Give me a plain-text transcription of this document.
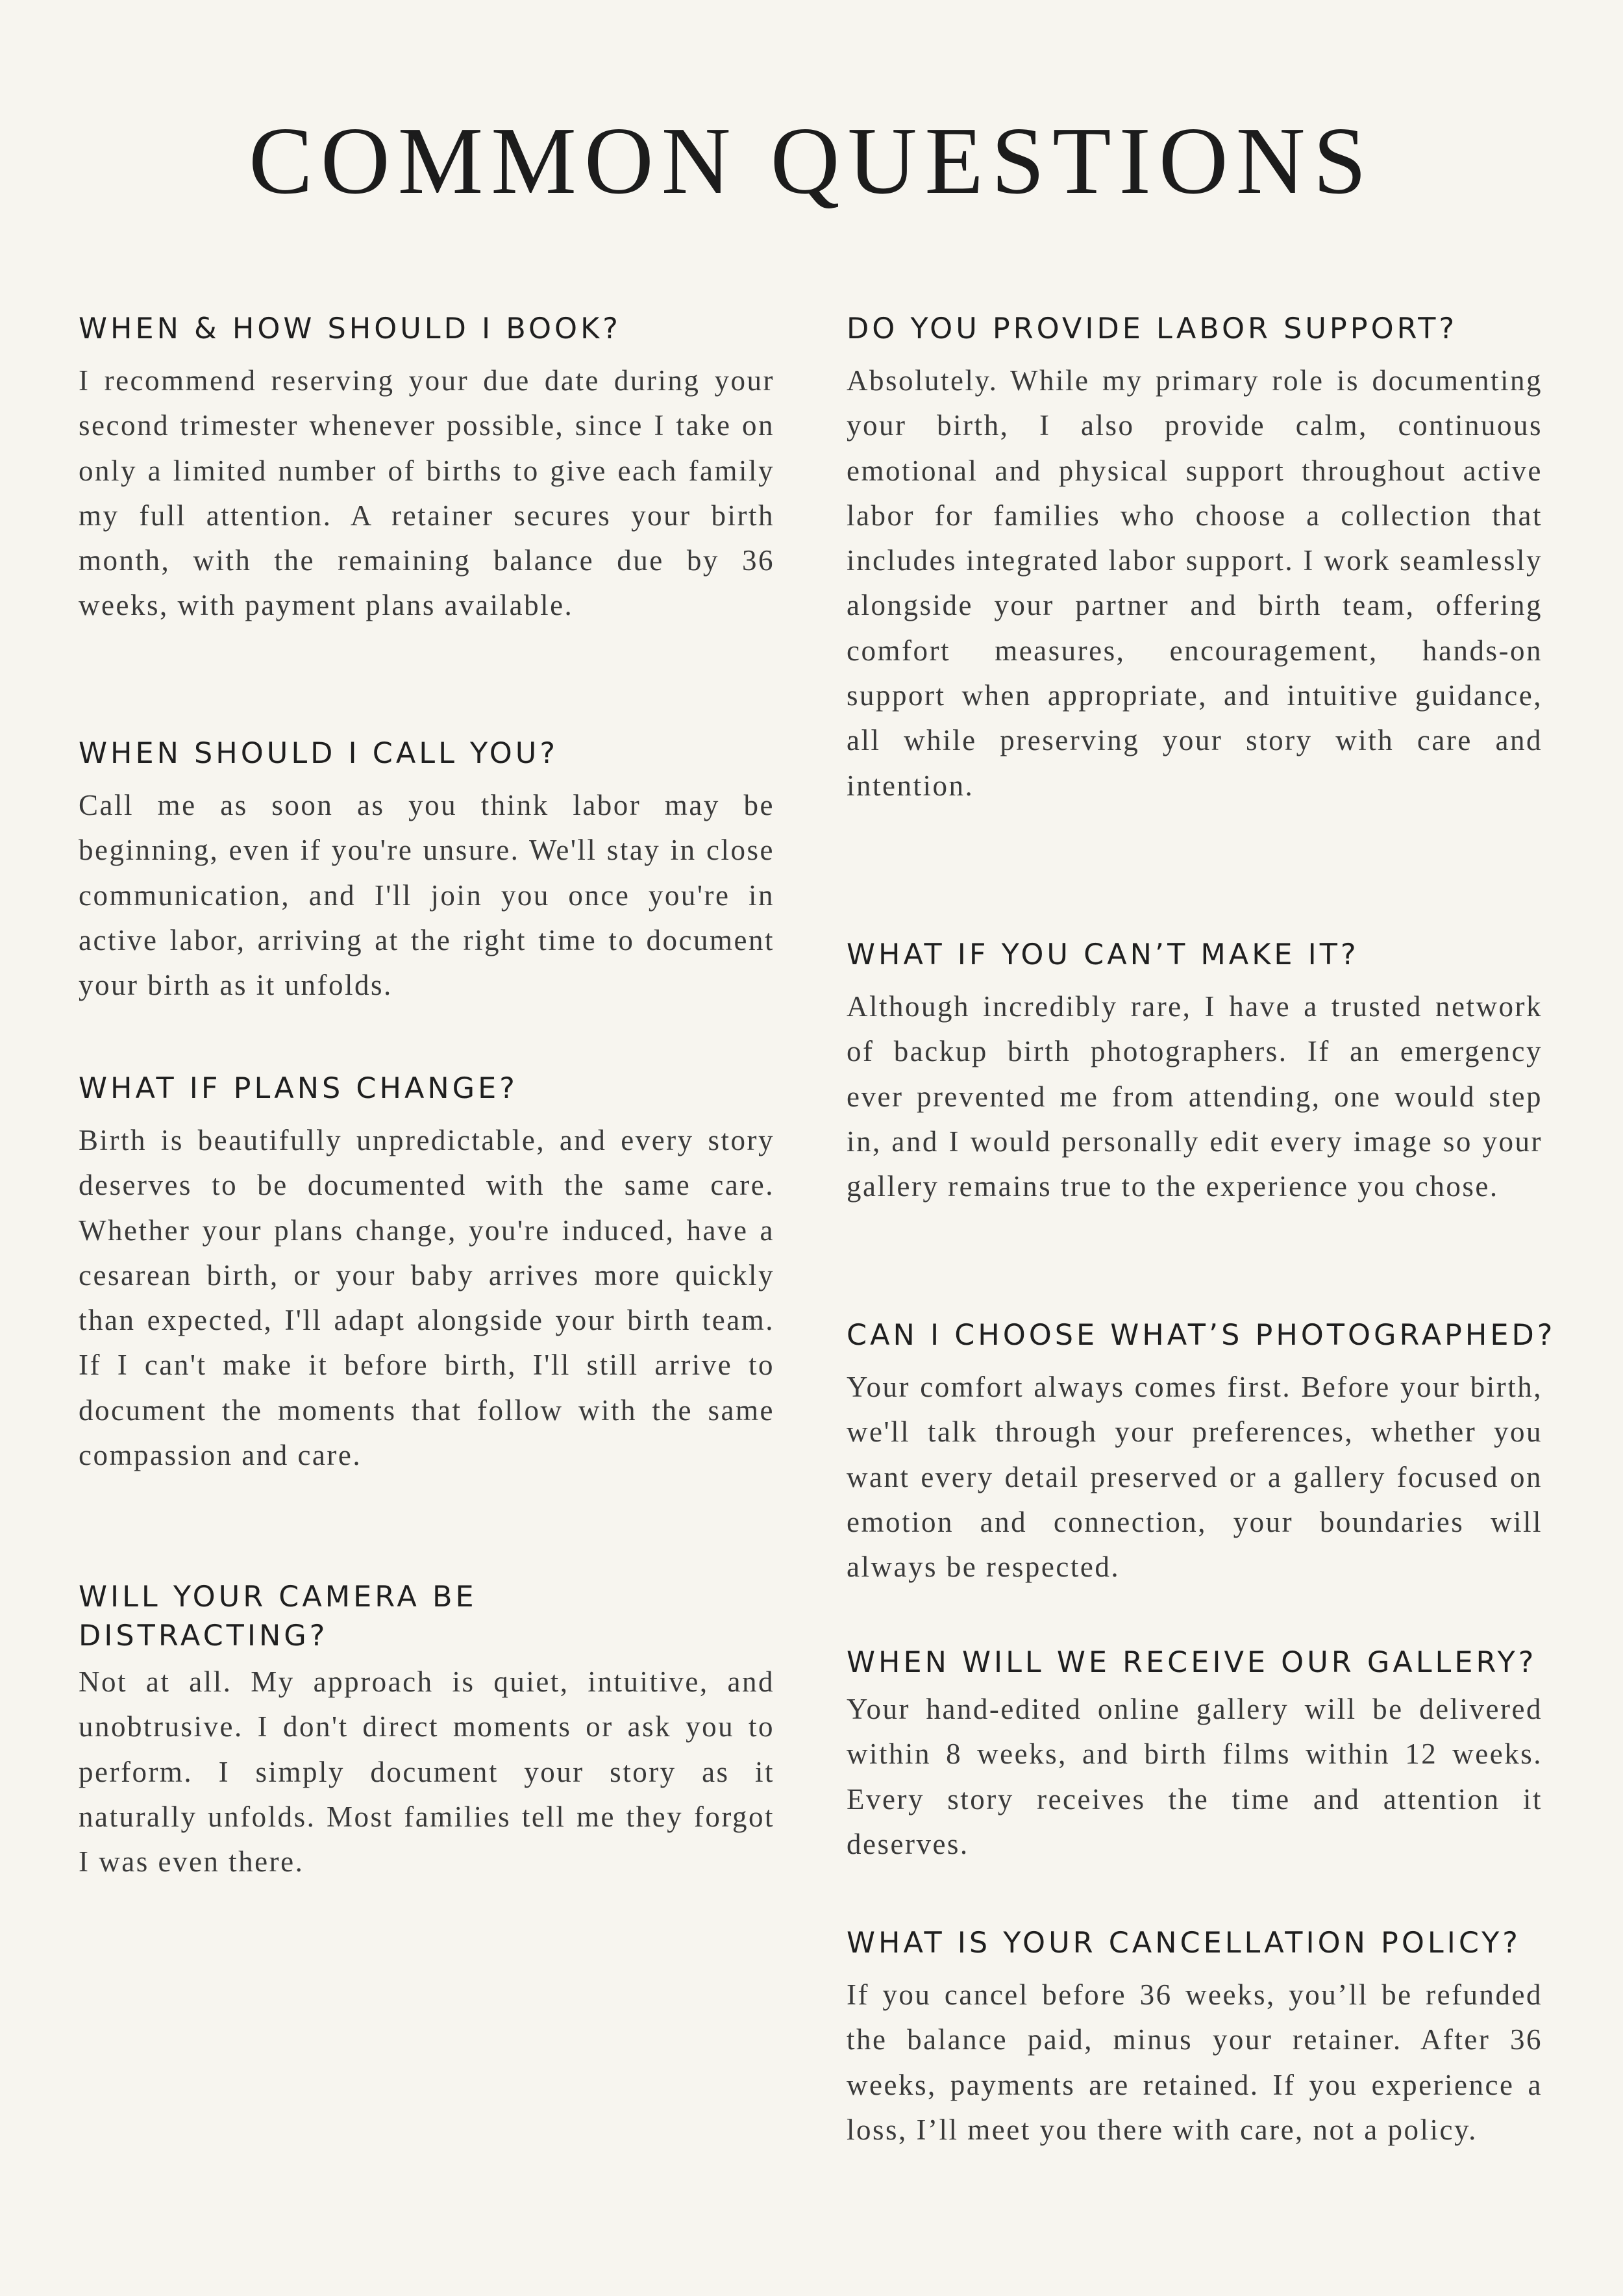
COMMON QUESTIONS
WHEN & HOW SHOULD I BOOK?

I recommend reserving your due date during your second trimester whenever possible, since I take on only a limited number of births to give each family my full attention. A retainer secures your birth month, with the remaining balance due by 36 weeks, with payment plans available.

WHEN SHOULD I CALL YOU?

Call me as soon as you think labor may be beginning, even if you're unsure. We'll stay in close communication, and I'll join you once you're in active labor, arriving at the right time to document your birth as it unfolds.

WHAT IF PLANS CHANGE?

Birth is beautifully unpredictable, and every story deserves to be documented with the same care. Whether your plans change, you're induced, have a cesarean birth, or your baby arrives more quickly than expected, I'll adapt alongside your birth team. If I can't make it before birth, I'll still arrive to document the moments that follow with the same compassion and care.

WILL YOUR CAMERA BE DISTRACTING?

Not at all. My approach is quiet, intuitive, and unobtrusive. I don't direct moments or ask you to perform. I simply document your story as it naturally unfolds. Most families tell me they forgot I was even there.

DO YOU PROVIDE LABOR SUPPORT?

Absolutely. While my primary role is documenting your birth, I also provide calm, continuous emotional and physical support throughout active labor for families who choose a collection that includes integrated labor support. I work seamlessly alongside your partner and birth team, offering comfort measures, encouragement, hands-on support when appropriate, and intuitive guidance, all while preserving your story with care and intention.

WHAT IF YOU CAN’T MAKE IT?

Although incredibly rare, I have a trusted network of backup birth photographers. If an emergency ever prevented me from attending, one would step in, and I would personally edit every image so your gallery remains true to the experience you chose.

CAN I CHOOSE WHAT’S PHOTOGRAPHED?

Your comfort always comes first. Before your birth, we'll talk through your preferences, whether you want every detail preserved or a gallery focused on emotion and connection, your boundaries will always be respected.

WHEN WILL WE RECEIVE OUR GALLERY?

Your hand-edited online gallery will be delivered within 8 weeks, and birth films within 12 weeks. Every story receives the time and attention it deserves.

WHAT IS YOUR CANCELLATION POLICY?

If you cancel before 36 weeks, you’ll be refunded the balance paid, minus your retainer. After 36 weeks, payments are retained. If you experience a loss, I’ll meet you there with care, not a policy.
